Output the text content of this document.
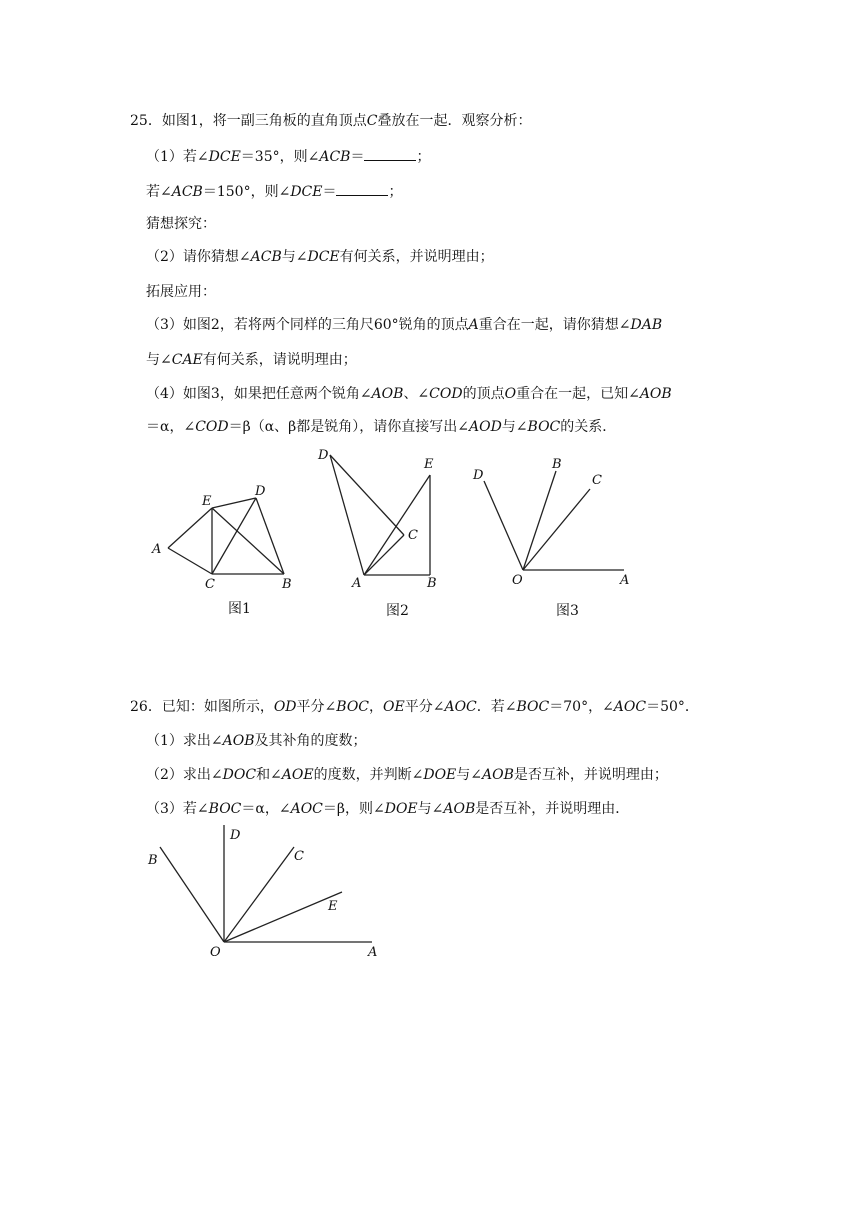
25．如图1，将一副三角板的直角顶点C叠放在一起．观察分析：
（1）若∠DCE＝35°，则∠ACB＝	；
若∠ACB＝150°，则∠DCE＝	；
猜想探究：
（2）请你猜想∠ACB与∠DCE有何关系，并说明理由；
拓展应用：
（3）如图2，若将两个同样的三角尺60°锐角的顶点A重合在一起，请你猜想∠DAB
与∠CAE有何关系，请说明理由；
（4）如图3，如果把任意两个锐角∠AOB、∠COD的顶点O重合在一起，已知∠AOB
＝α，∠COD＝β（α、β都是锐角），请你直接写出∠AOD与∠BOC的关系．
A
E
D
C	B
图1
D
E
C
A	B
图2
D
B
C
O	A
图3
26．已知：如图所示，OD平分∠BOC，OE平分∠AOC．若∠BOC＝70°，∠AOC＝50°．
（1）求出∠AOB及其补角的度数；
（2）求出∠DOC和∠AOE的度数，并判断∠DOE与∠AOB是否互补，并说明理由；
（3）若∠BOC＝α，∠AOC＝β，则∠DOE与∠AOB是否互补，并说明理由．
B
D
C
E
O	A
